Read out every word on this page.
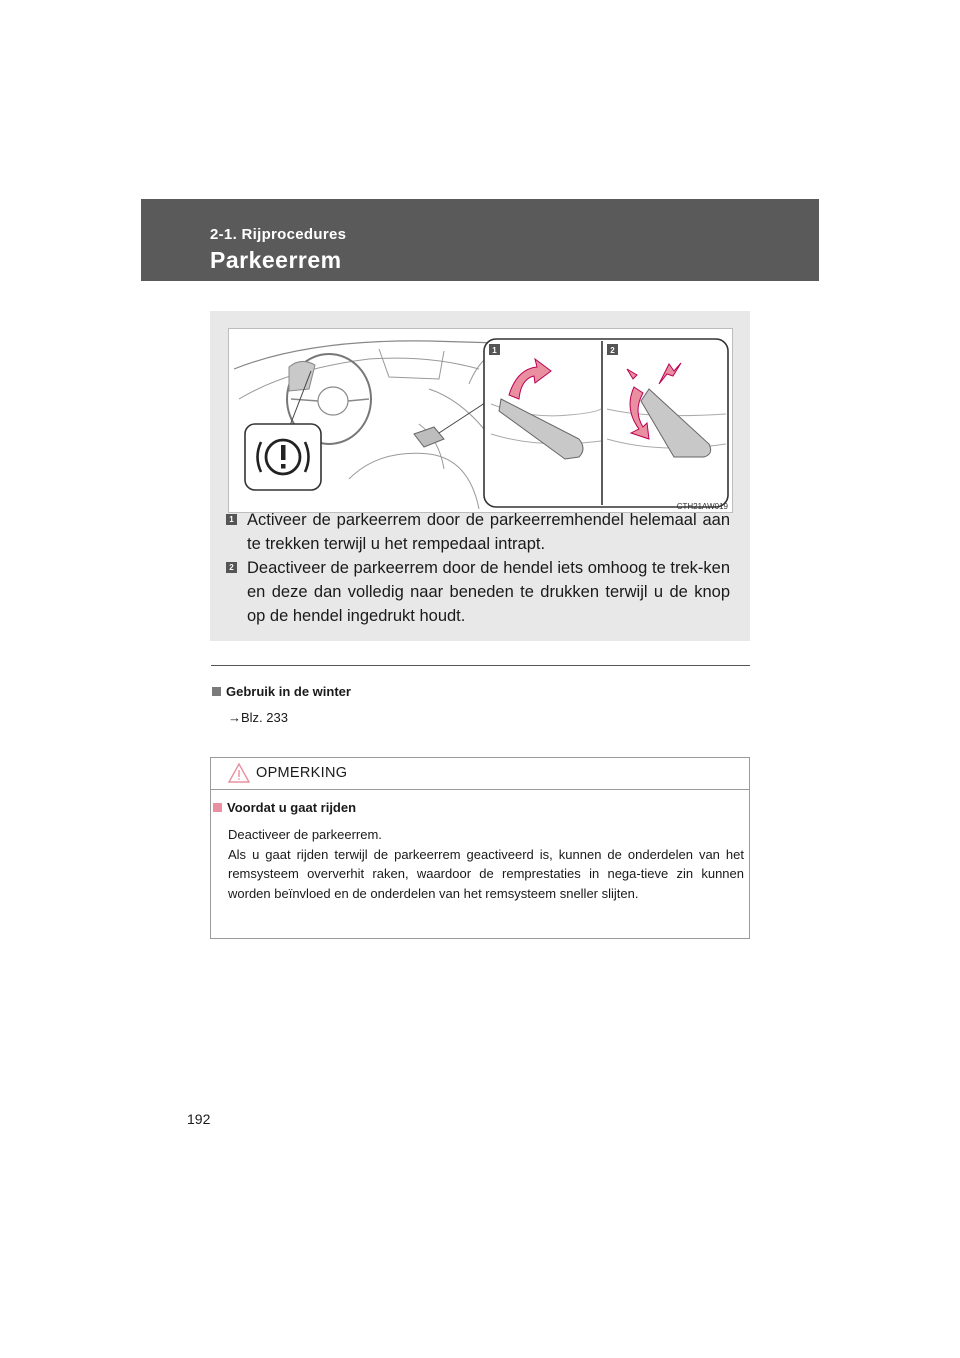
2-1. Rijprocedures
Parkeerrem
1	2
CTH21AW019
1 Activeer de parkeerrem door de parkeerremhendel helemaal aan te trekken terwijl u het rempedaal intrapt.
2 Deactiveer de parkeerrem door de hendel iets omhoog te trek-ken en deze dan volledig naar beneden te drukken terwijl u de knop op de hendel ingedrukt houdt.
Gebruik in de winter
→Blz. 233
OPMERKING
Voordat u gaat rijden
Deactiveer de parkeerrem.
Als u gaat rijden terwijl de parkeerrem geactiveerd is, kunnen de onderdelen van het remsysteem oververhit raken, waardoor de remprestaties in nega-tieve zin kunnen worden beïnvloed en de onderdelen van het remsysteem sneller slijten.
192
